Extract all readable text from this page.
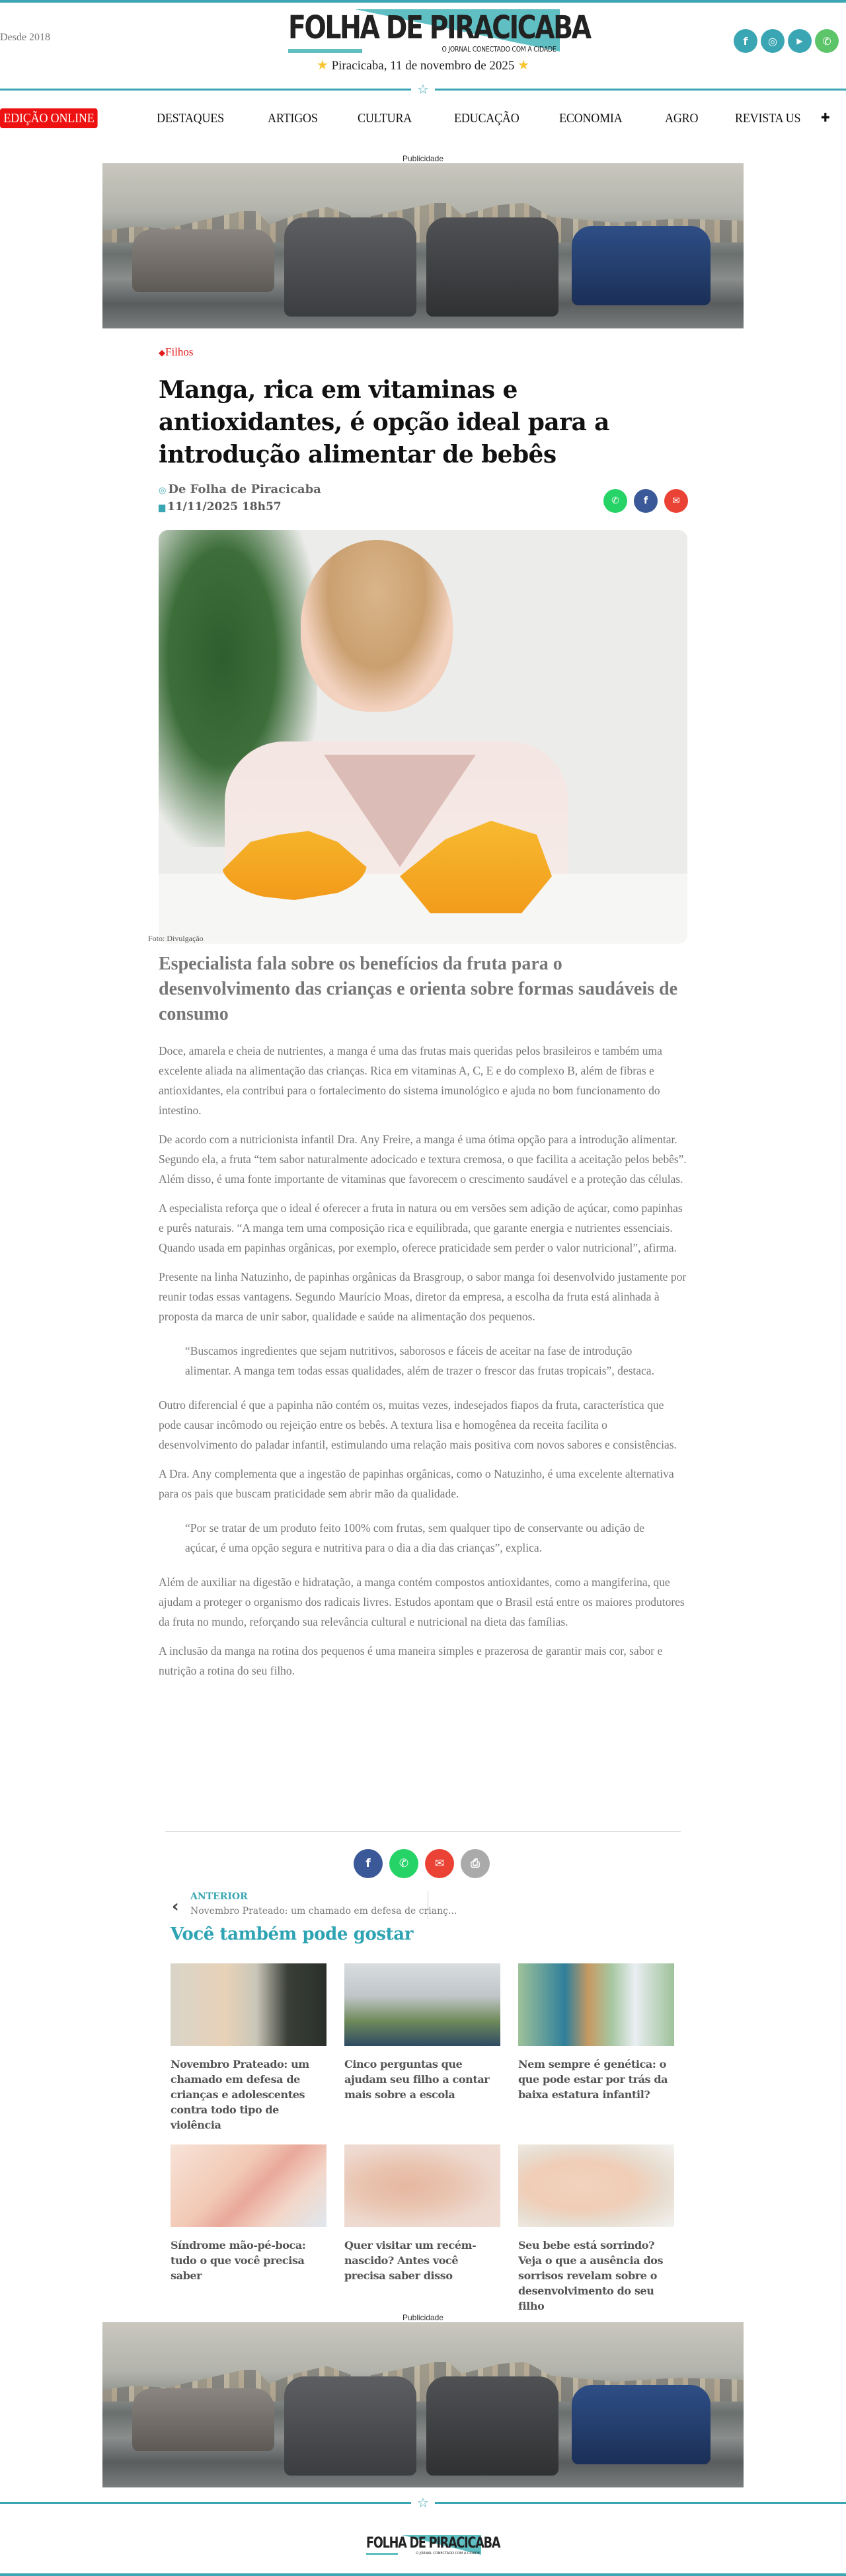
Desde 2018	FOLHA DE PIRACICABA
O JORNAL CONECTADO COM A CIDADE
★ Piracicaba, 11 de novembro de 2025 ★
f	◎	▶	✆
☆
EDIÇÃO ONLINE	DESTAQUES	ARTIGOS	CULTURA	EDUCAÇÃO	ECONOMIA	AGRO	REVISTA US ✚
Publicidade
◆Filhos
Manga, rica em vitaminas e antioxidantes, é opção ideal para a introdução alimentar de bebês
◎ De Folha de Piracicaba
▆ 11/11/2025 18h57	✆	f	✉
Foto: Divulgação
Especialista fala sobre os benefícios da fruta para o desenvolvimento das crianças e orienta sobre formas saudáveis de consumo

Doce, amarela e cheia de nutrientes, a manga é uma das frutas mais queridas pelos brasileiros e também uma excelente aliada na alimentação das crianças. Rica em vitaminas A, C, E e do complexo B, além de fibras e antioxidantes, ela contribui para o fortalecimento do sistema imunológico e ajuda no bom funcionamento do intestino.

De acordo com a nutricionista infantil Dra. Any Freire, a manga é uma ótima opção para a introdução alimentar. Segundo ela, a fruta “tem sabor naturalmente adocicado e textura cremosa, o que facilita a aceitação pelos bebês”. Além disso, é uma fonte importante de vitaminas que favorecem o crescimento saudável e a proteção das células.

A especialista reforça que o ideal é oferecer a fruta in natura ou em versões sem adição de açúcar, como papinhas e purês naturais. “A manga tem uma composição rica e equilibrada, que garante energia e nutrientes essenciais. Quando usada em papinhas orgânicas, por exemplo, oferece praticidade sem perder o valor nutricional”, afirma.

Presente na linha Natuzinho, de papinhas orgânicas da Brasgroup, o sabor manga foi desenvolvido justamente por reunir todas essas vantagens. Segundo Maurício Moas, diretor da empresa, a escolha da fruta está alinhada à proposta da marca de unir sabor, qualidade e saúde na alimentação dos pequenos.

“Buscamos ingredientes que sejam nutritivos, saborosos e fáceis de aceitar na fase de introdução alimentar. A manga tem todas essas qualidades, além de trazer o frescor das frutas tropicais”, destaca.

Outro diferencial é que a papinha não contém os, muitas vezes, indesejados fiapos da fruta, característica que pode causar incômodo ou rejeição entre os bebês. A textura lisa e homogênea da receita facilita o desenvolvimento do paladar infantil, estimulando uma relação mais positiva com novos sabores e consistências.

A Dra. Any complementa que a ingestão de papinhas orgânicas, como o Natuzinho, é uma excelente alternativa para os pais que buscam praticidade sem abrir mão da qualidade.

“Por se tratar de um produto feito 100% com frutas, sem qualquer tipo de conservante ou adição de açúcar, é uma opção segura e nutritiva para o dia a dia das crianças”, explica.

Além de auxiliar na digestão e hidratação, a manga contém compostos antioxidantes, como a mangiferina, que ajudam a proteger o organismo dos radicais livres. Estudos apontam que o Brasil está entre os maiores produtores da fruta no mundo, reforçando sua relevância cultural e nutricional na dieta das famílias.

A inclusão da manga na rotina dos pequenos é uma maneira simples e prazerosa de garantir mais cor, sabor e nutrição a rotina do seu filho.

f	✆	✉	⎙
‹ ANTERIOR
Novembro Prateado: um chamado em defesa de crianç...
Você também pode gostar
Novembro Prateado: um chamado em defesa de crianças e adolescentes contra todo tipo de violência
Cinco perguntas que ajudam seu filho a contar mais sobre a escola
Nem sempre é genética: o que pode estar por trás da baixa estatura infantil?
Síndrome mão-pé-boca: tudo o que você precisa saber
Quer visitar um recém-nascido? Antes você precisa saber disso
Seu bebe está sorrindo? Veja o que a ausência dos sorrisos revelam sobre o desenvolvimento do seu filho
Publicidade
☆
FOLHA DE PIRACICABA
O JORNAL CONECTADO COM A CIDADE
